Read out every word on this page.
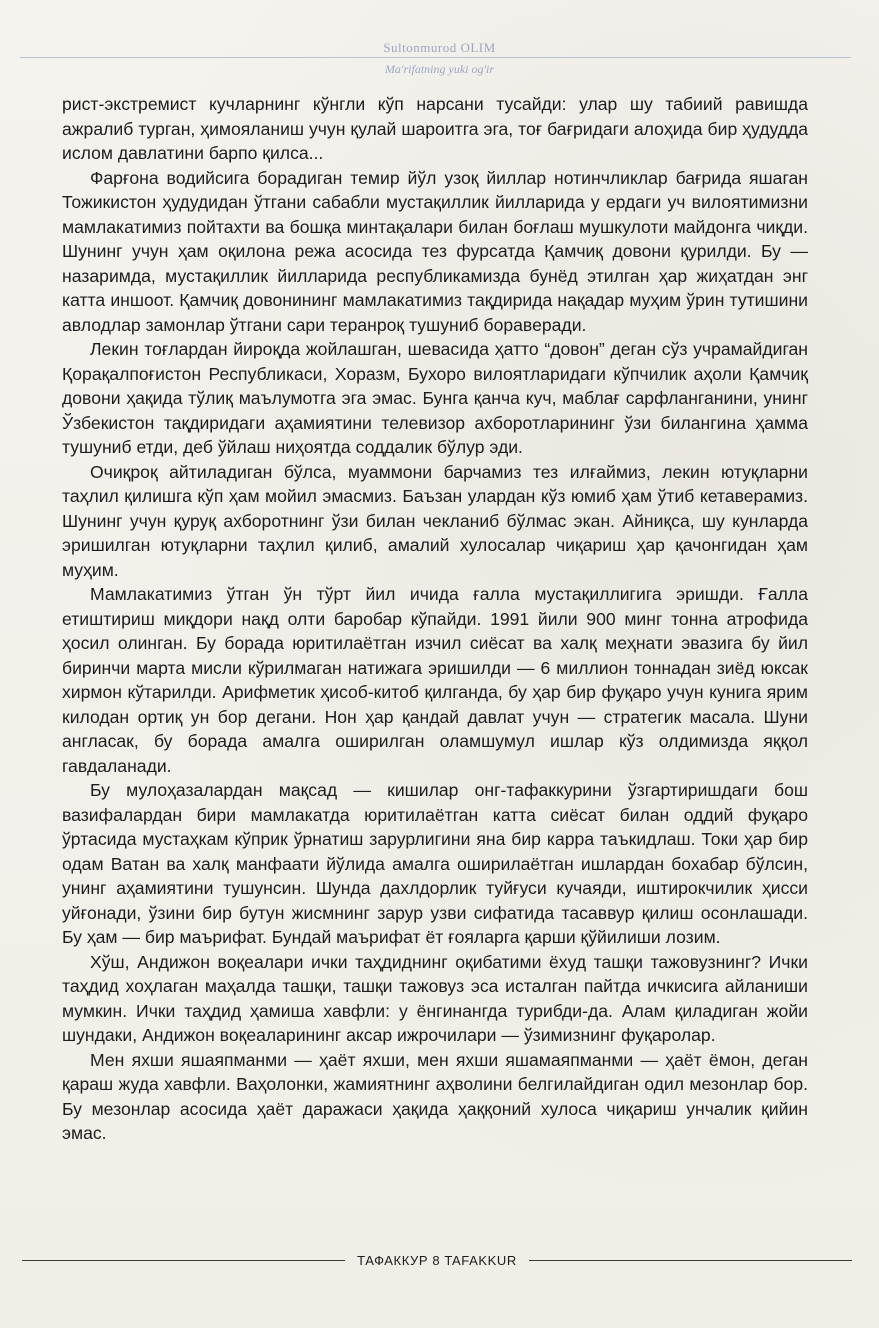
Sultonmurod OLIM
Ma'rifatning yuki og'ir

рист-экстремист кучларнинг кўнгли кўп нарсани тусайди: улар шу табиий равишда ажралиб турган, ҳимояланиш учун қулай шароитга эга, тоғ бағридаги алоҳида бир ҳудудда ислом давлатини барпо қилса...

Фарғона водийсига борадиган темир йўл узоқ йиллар нотинчликлар бағрида яшаган Тожикистон ҳудудидан ўтгани сабабли мустақиллик йилларида у ердаги уч вилоятимизни мамлакатимиз пойтахти ва бошқа минтақалари билан боғлаш мушкулоти майдонга чиқди. Шунинг учун ҳам оқилона режа асосида тез фурсатда Қамчиқ довони қурилди. Бу — назаримда, мустақиллик йилларида республикамизда бунёд этилган ҳар жиҳатдан энг катта иншоот. Қамчиқ довонининг мамлакатимиз тақдирида нақадар муҳим ўрин тутишини авлодлар замонлар ўтгани сари теранроқ тушуниб бораверади.

Лекин тоғлардан йироқда жойлашган, шевасида ҳатто “довон” деган сўз учрамайдиган Қорақалпоғистон Республикаси, Хоразм, Бухоро вилоятларидаги кўпчилик аҳоли Қамчиқ довони ҳақида тўлиқ маълумотга эга эмас. Бунга қанча куч, маблағ сарфланганини, унинг Ўзбекистон тақдиридаги аҳамиятини телевизор ахборотларининг ўзи билангина ҳамма тушуниб етди, деб ўйлаш ниҳоятда соддалик бўлур эди.

Очиқроқ айтиладиган бўлса, муаммони барчамиз тез илғаймиз, лекин ютуқларни таҳлил қилишга кўп ҳам мойил эмасмиз. Баъзан улардан кўз юмиб ҳам ўтиб кетаверамиз. Шунинг учун қуруқ ахборотнинг ўзи билан чекланиб бўлмас экан. Айниқса, шу кунларда эришилган ютуқларни таҳлил қилиб, амалий хулосалар чиқариш ҳар қачонгидан ҳам муҳим.

Мамлакатимиз ўтган ўн тўрт йил ичида ғалла мустақиллигига эришди. Ғалла етиштириш миқдори нақд олти баробар кўпайди. 1991 йили 900 минг тонна атрофида ҳосил олинган. Бу борада юритилаётган изчил сиёсат ва халқ меҳнати эвазига бу йил биринчи марта мисли кўрилмаган натижага эришилди — 6 миллион тоннадан зиёд юксак хирмон кўтарилди. Арифметик ҳисоб-китоб қилганда, бу ҳар бир фуқаро учун кунига ярим килодан ортиқ ун бор дегани. Нон ҳар қандай давлат учун — стратегик масала. Шуни англасак, бу борада амалга оширилган оламшумул ишлар кўз олдимизда яққол гавдаланади.

Бу мулоҳазалардан мақсад — кишилар онг-тафаккурини ўзгартиришдаги бош вазифалардан бири мамлакатда юритилаётган катта сиёсат билан оддий фуқаро ўртасида мустаҳкам кўприк ўрнатиш зарурлигини яна бир карра таъкидлаш. Токи ҳар бир одам Ватан ва халқ манфаати йўлида амалга оширилаётган ишлардан бохабар бўлсин, унинг аҳамиятини тушунсин. Шунда дахлдорлик туйғуси кучаяди, иштирокчилик ҳисси уйғонади, ўзини бир бутун жисмнинг зарур узви сифатида тасаввур қилиш осонлашади. Бу ҳам — бир маърифат. Бундай маърифат ёт ғояларга қарши қўйилиши лозим.

Хўш, Андижон воқеалари ички таҳдиднинг оқибатими ёхуд ташқи тажовузнинг? Ички таҳдид хоҳлаган маҳалда ташқи, ташқи тажовуз эса исталган пайтда ичкисига айланиши мумкин. Ички таҳдид ҳамиша хавфли: у ёнгинангда турибди-да. Алам қиладиган жойи шундаки, Андижон воқеаларининг аксар ижрочилари — ўзимизнинг фуқаролар.

Мен яхши яшаяпманми — ҳаёт яхши, мен яхши яшамаяпманми — ҳаёт ёмон, деган қараш жуда хавфли. Ваҳолонки, жамиятнинг аҳволини белгилайдиган одил мезонлар бор. Бу мезонлар асосида ҳаёт даражаси ҳақида ҳаққоний хулоса чиқариш унчалик қийин эмас.

ТАФАККУР 8 TAFAKKUR
